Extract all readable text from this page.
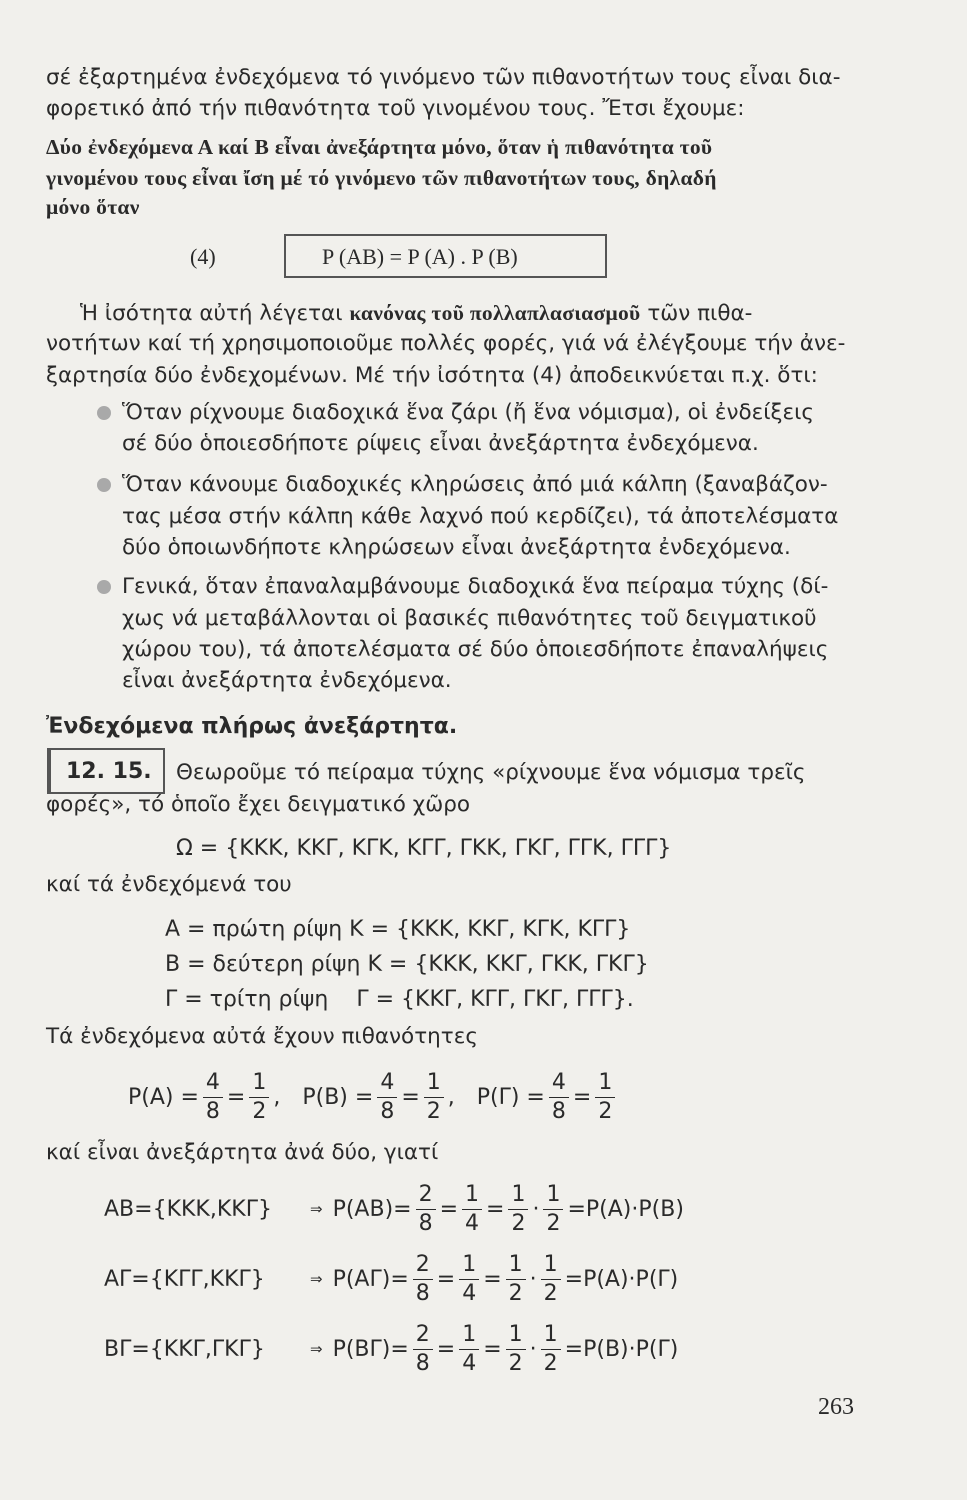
σέ ἐξαρτημένα ἐνδεχόμενα τό γινόμενο τῶν πιθανοτήτων τους εἶναι δια-
φορετικό ἀπό τήν πιθανότητα τοῦ γινομένου τους. Ἔτσι ἔχουμε:
Δύο ἐνδεχόμενα Α καί Β εἶναι ἀνεξάρτητα μόνο, ὅταν ἡ πιθανότητα τοῦ
γινομένου τους εἶναι ἴση μέ τό γινόμενο τῶν πιθανοτήτων τους, δηλαδή
μόνο ὅταν
(4)	P (AB) = P (A) . P (B)
Ἡ ἰσότητα αὐτή λέγεται κανόνας τοῦ πολλαπλασιασμοῦ τῶν πιθα-
νοτήτων καί τή χρησιμοποιοῦμε πολλές φορές, γιά νά ἐλέγξουμε τήν ἀνε-
ξαρτησία δύο ἐνδεχομένων. Μέ τήν ἰσότητα (4) ἀποδεικνύεται π.χ. ὅτι:
Ὅταν ρίχνουμε διαδοχικά ἕνα ζάρι (ἤ ἕνα νόμισμα), οἱ ἐνδείξεις
σέ δύο ὁποιεσδήποτε ρίψεις εἶναι ἀνεξάρτητα ἐνδεχόμενα.
Ὅταν κάνουμε διαδοχικές κληρώσεις ἀπό μιά κάλπη (ξαναβάζον-
τας μέσα στήν κάλπη κάθε λαχνό πού κερδίζει), τά ἀποτελέσματα
δύο ὁποιωνδήποτε κληρώσεων εἶναι ἀνεξάρτητα ἐνδεχόμενα.
Γενικά, ὅταν ἐπαναλαμβάνουμε διαδοχικά ἕνα πείραμα τύχης (δί-
χως νά μεταβάλλονται οἱ βασικές πιθανότητες τοῦ δειγματικοῦ
χώρου του), τά ἀποτελέσματα σέ δύο ὁποιεσδήποτε ἐπαναλήψεις
εἶναι ἀνεξάρτητα ἐνδεχόμενα.
Ἐνδεχόμενα πλήρως ἀνεξάρτητα.
12. 15.	Θεωροῦμε τό πείραμα τύχης «ρίχνουμε ἕνα νόμισμα τρεῖς
φορές», τό ὁποῖο ἔχει δειγματικό χῶρο
Ω = {ΚΚΚ, ΚΚΓ, ΚΓΚ, ΚΓΓ, ΓΚΚ, ΓΚΓ, ΓΓΚ, ΓΓΓ}
καί τά ἐνδεχόμενά του
Α = πρώτη ρίψη Κ = {ΚΚΚ, ΚΚΓ, ΚΓΚ, ΚΓΓ}
Β = δεύτερη ρίψη Κ = {ΚΚΚ, ΚΚΓ, ΓΚΚ, ΓΚΓ}
Γ = τρίτη ρίψη    Γ = {ΚΚΓ, ΚΓΓ, ΓΚΓ, ΓΓΓ}.
Τά ἐνδεχόμενα αὐτά ἔχουν πιθανότητες
$P(A) = \frac{4}{8} = \frac{1}{2}$ , $P(B) = \frac{4}{8} = \frac{1}{2}$ , $P(\Gamma) = \frac{4}{8} = \frac{1}{2}$
καί εἶναι ἀνεξάρτητα ἀνά δύο, γιατί
ΑΒ={ΚΚΚ,ΚΚΓ}	⇒ $P(AB)= \frac{2}{8} = \frac{1}{4} = \frac{1}{2} \cdot \frac{1}{2} =P(A)\cdot P(B)$
ΑΓ={ΚΓΓ,ΚΚΓ}	⇒ $P(A\Gamma)= \frac{2}{8} = \frac{1}{4} = \frac{1}{2} \cdot \frac{1}{2} =P(A)\cdot P(\Gamma)$
ΒΓ={ΚΚΓ,ΓΚΓ}	⇒ $P(B\Gamma)= \frac{2}{8} = \frac{1}{4} = \frac{1}{2} \cdot \frac{1}{2} =P(B)\cdot P(\Gamma)$
263
